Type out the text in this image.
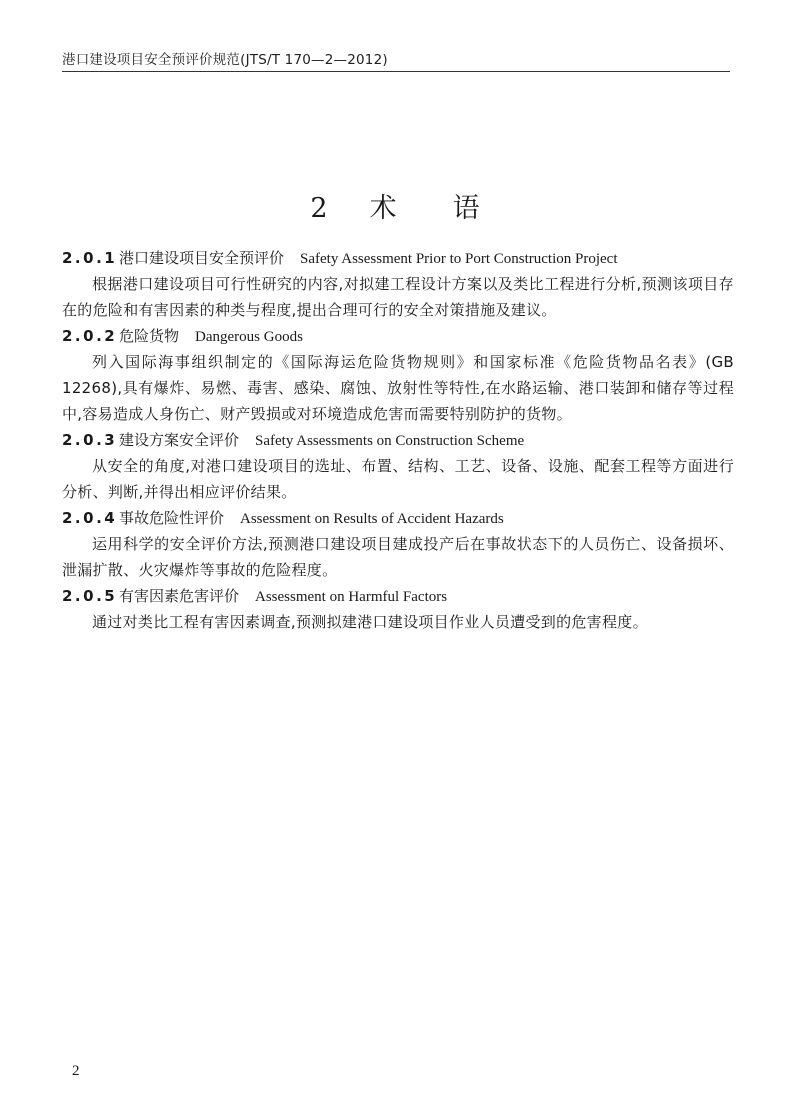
港口建设项目安全预评价规范(JTS/T 170—2—2012)
2 术 语
2.0.1 港口建设项目安全预评价 Safety Assessment Prior to Port Construction Project

根据港口建设项目可行性研究的内容,对拟建工程设计方案以及类比工程进行分析,预测该项目存在的危险和有害因素的种类与程度,提出合理可行的安全对策措施及建议。

2.0.2 危险货物 Dangerous Goods

列入国际海事组织制定的《国际海运危险货物规则》和国家标准《危险货物品名表》(GB 12268),具有爆炸、易燃、毒害、感染、腐蚀、放射性等特性,在水路运输、港口装卸和储存等过程中,容易造成人身伤亡、财产毁损或对环境造成危害而需要特别防护的货物。

2.0.3 建设方案安全评价 Safety Assessments on Construction Scheme

从安全的角度,对港口建设项目的选址、布置、结构、工艺、设备、设施、配套工程等方面进行分析、判断,并得出相应评价结果。

2.0.4 事故危险性评价 Assessment on Results of Accident Hazards

运用科学的安全评价方法,预测港口建设项目建成投产后在事故状态下的人员伤亡、设备损坏、泄漏扩散、火灾爆炸等事故的危险程度。

2.0.5 有害因素危害评价 Assessment on Harmful Factors

通过对类比工程有害因素调查,预测拟建港口建设项目作业人员遭受到的危害程度。

2
